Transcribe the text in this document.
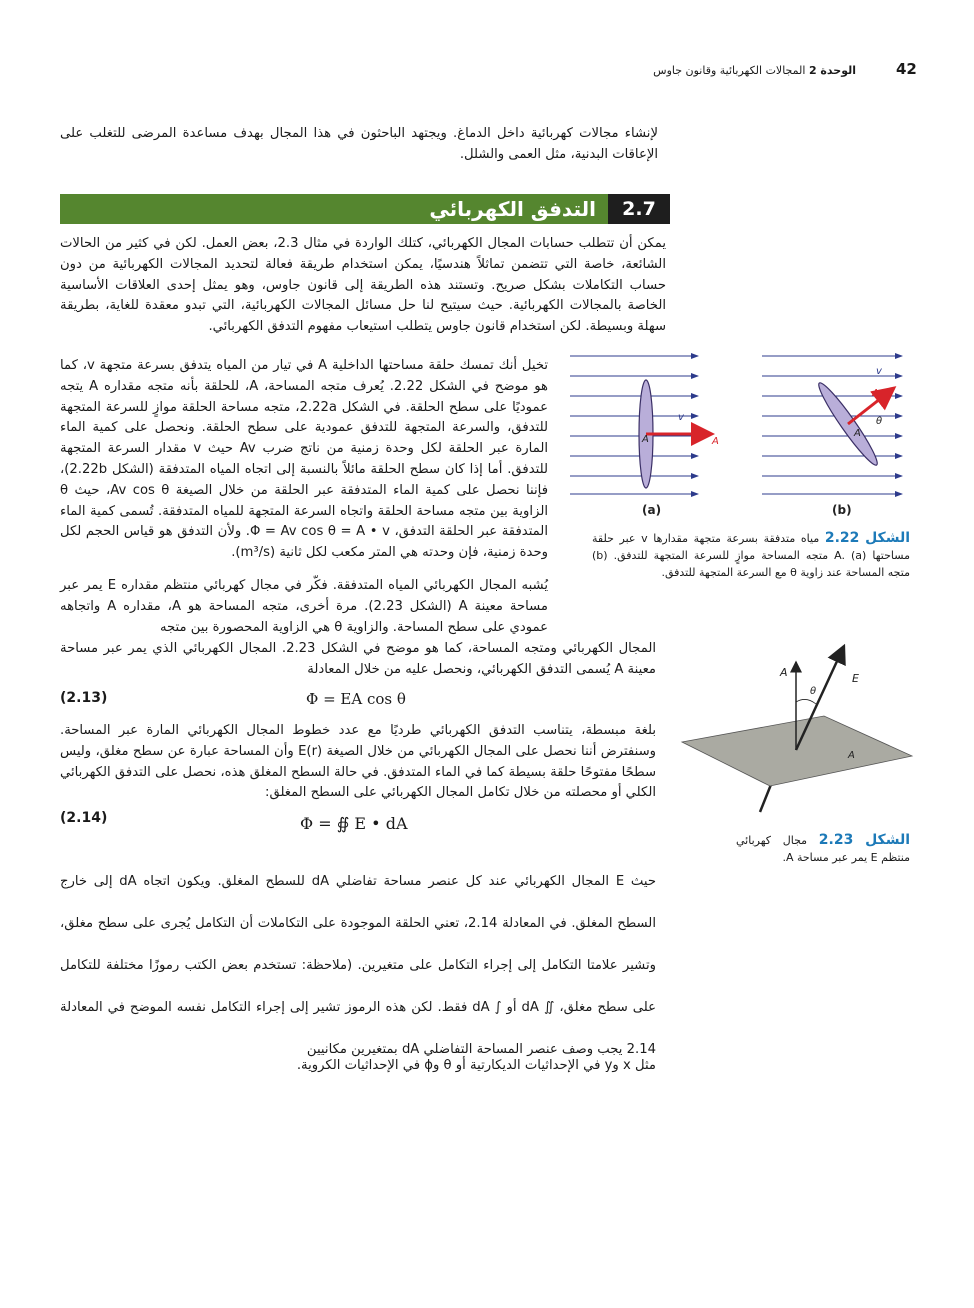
42
الوحدة 2 المجالات الكهربائية وقانون جاوس

لإنشاء مجالات كهربائية داخل الدماغ. ويجتهد الباحثون في هذا المجال بهدف مساعدة المرضى للتغلب على الإعاقات البدنية، مثل العمى والشلل.

2.7
التدفق الكهربائي

يمكن أن تتطلب حسابات المجال الكهربائي، كتلك الواردة في مثال 2.3، بعض العمل. لكن في كثير من الحالات الشائعة، خاصة التي تتضمن تماثلاً هندسيًا، يمكن استخدام طريقة فعالة لتحديد المجالات الكهربائية من دون حساب التكاملات بشكل صريح. وتستند هذه الطريقة إلى قانون جاوس، وهو يمثل إحدى العلاقات الأساسية الخاصة بالمجالات الكهربائية. حيث سيتيح لنا حل مسائل المجالات الكهربائية، التي تبدو معقدة للغاية، بطريقة سهلة وبسيطة. لكن استخدام قانون جاوس يتطلب استيعاب مفهوم التدفق الكهربائي.

تخيل أنك تمسك حلقة مساحتها الداخلية A في تيار من المياه يتدفق بسرعة متجهة v، كما هو موضح في الشكل 2.22. يُعرف متجه المساحة، A، للحلقة بأنه متجه مقداره A يتجه عموديًا على سطح الحلقة. في الشكل 2.22a، متجه مساحة الحلقة موازٍ للسرعة المتجهة للتدفق، والسرعة المتجهة للتدفق عمودية على سطح الحلقة. ونحصل على كمية الماء المارة عبر الحلقة لكل وحدة زمنية من ناتج ضرب Av حيث v مقدار السرعة المتجهة للتدفق. أما إذا كان سطح الحلقة مائلاً بالنسبة إلى اتجاه المياه المتدفقة (الشكل 2.22b)، فإننا نحصل على كمية الماء المتدفقة عبر الحلقة من خلال الصيغة Av cos θ، حيث θ الزاوية بين متجه مساحة الحلقة واتجاه السرعة المتجهة للمياه المتدفقة. تُسمى كمية الماء المتدفقة عبر الحلقة التدفق، Φ = Av cos θ = A • v. ولأن التدفق هو قياس الحجم لكل وحدة زمنية، فإن وحدته هي المتر مكعب لكل ثانية (m³/s).

يُشبه المجال الكهربائي المياه المتدفقة. فكّر في مجال كهربائي منتظم مقداره E يمر عبر مساحة معينة A (الشكل 2.23). مرة أخرى، متجه المساحة هو A، مقداره A واتجاهه عمودي على سطح المساحة. والزاوية θ هي الزاوية المحصورة بين متجه

المجال الكهربائي ومتجه المساحة، كما هو موضح في الشكل 2.23. المجال الكهربائي الذي يمر عبر مساحة معينة A يُسمى التدفق الكهربائي، ونحصل عليه من خلال المعادلة

(2.13)	Φ = EA cos θ

بلغة مبسطة، يتناسب التدفق الكهربائي طرديًا مع عدد خطوط المجال الكهربائي المارة عبر المساحة. وسنفترض أننا نحصل على المجال الكهربائي من خلال الصيغة E(r) وأن المساحة عبارة عن سطح مغلق، وليس سطحًا مفتوحًا حلقة بسيطة كما في الماء المتدفق. في حالة السطح المغلق هذه، نحصل على التدفق الكهربائي الكلي أو محصلته من خلال تكامل المجال الكهربائي على السطح المغلق:

(2.14)	Φ = ∯ E • dA

حيث E المجال الكهربائي عند كل عنصر مساحة تفاضلي dA للسطح المغلق. ويكون اتجاه dA إلى خارج السطح المغلق. في المعادلة 2.14، تعني الحلقة الموجودة على التكاملات أن التكامل يُجرى على سطح مغلق، وتشير علامتا التكامل إلى إجراء التكامل على متغيرين. (ملاحظة: تستخدم بعض الكتب رموزًا مختلفة للتكامل على سطح مغلق، ∬ dA أو ∫ dA فقط. لكن هذه الرموز تشير إلى إجراء التكامل نفسه الموضح في المعادلة 2.14 يجب وصف عنصر المساحة التفاضلي dA بمتغيرين مكانيين

مثل x وy في الإحداثيات الديكارتية أو θ وϕ في الإحداثيات الكروية.

A
v
A
(a)
A
v
A
θ
(b)
الشكل 2.22 مياه متدفقة بسرعة متجهة مقدارها v عبر حلقة مساحتها A. (a) متجه المساحة موازٍ للسرعة المتجهة للتدفق. (b) متجه المساحة عند زاوية θ مع السرعة المتجهة للتدفق.
A
θ
E
A
الشكل 2.23 مجال كهربائي منتظم E يمر عبر مساحة A.
